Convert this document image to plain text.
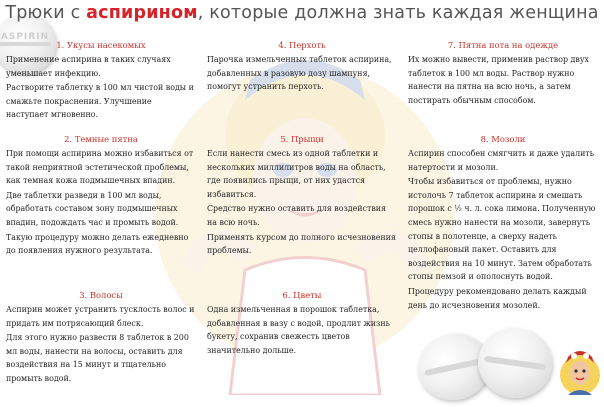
ASPIRIN
Трюки с аспирином, которые должна знать каждая женщина
1. Укусы насекомых

Применение аспирина в таких случаях уменьшает инфекцию.

Растворите таблетку в 100 мл чистой воды и смажьте покраснения. Улучшение наступает мгновенно.

2. Темные пятна

При помощи аспирина можно избавиться от такой неприятной эстетической проблемы, как темная кожа подмышечных впадин.

Две таблетки разведи в 100 мл воды, обработать составом зону подмышечных впадин, подождать час и промыть водой.

Такую процедуру можно делать ежедневно до появления нужного результата.

3. Волосы

Аспирин может устранить тусклость волос и придать им потрясающий блеск.

Для этого нужно развести 8 таблеток в 200 мл воды, нанести на волосы, оставить для воздействия на 15 минут и тщательно промыть водой.

4. Перхоть

Парочка измельченных таблеток аспирина, добавленных в разовую дозу шампуня, помогут устранить перхоть.

5. Прыщи

Если нанести смесь из одной таблетки и нескольких миллилитров воды на область, где появились прыщи, от них удастся избавиться.

Средство нужно оставить для воздействия на всю ночь.

Применять курсом до полного исчезновения проблемы.

6. Цветы

Одна измельченная в порошок таблетка, добавленная в вазу с водой, продлит жизнь букету, сохранив свежесть цветов значительно дольше.

7. Пятна пота на одежде

Их можно вывести, применив раствор двух таблеток в 100 мл воды. Раствор нужно нанести на пятна на всю ночь, а затем постирать обычным способом.

8. Мозоли

Аспирин способен смягчить и даже удалить натертости и мозоли.

Чтобы избавиться от проблемы, нужно истолочь 7 таблеток аспирина и смешать порошок с ½ ч. л. сока лимона. Полученную смесь нужно нанести на мозоли, завернуть стопы в полотенце, а сверху надеть целлофановый пакет. Оставить для воздействия на 10 минут. Затем обработать стопы пемзой и ополоснуть водой.

Процедуру рекомендовано делать каждый день до исчезновения мозолей.
